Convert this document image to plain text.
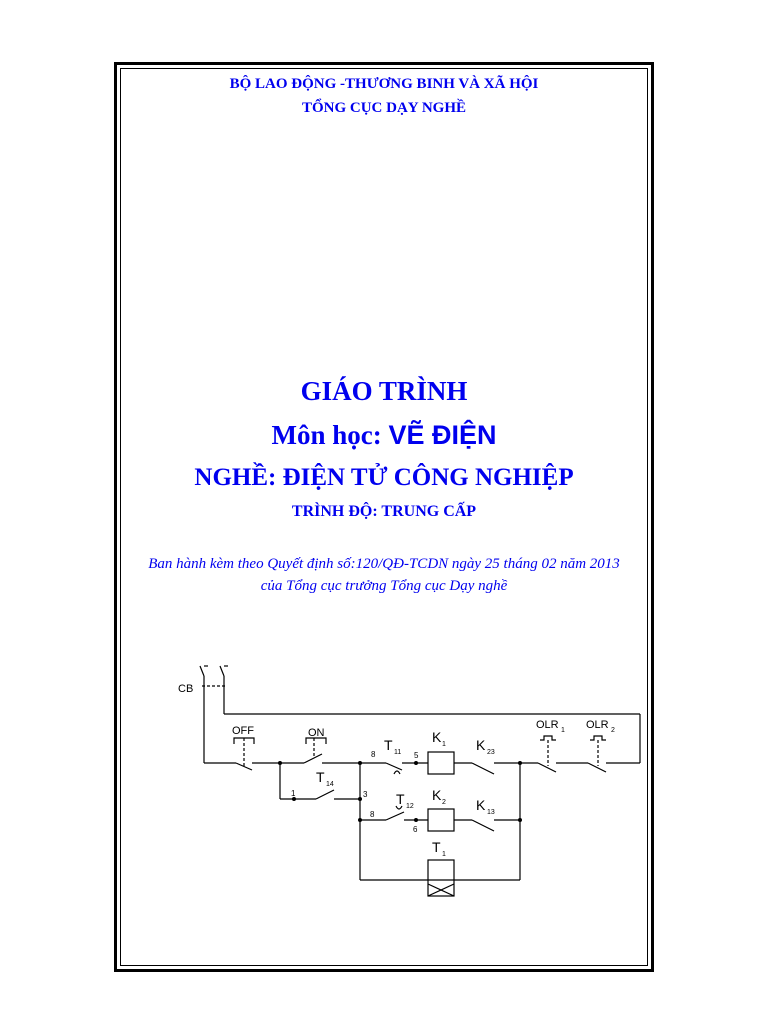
BỘ LAO ĐỘNG -THƯƠNG BINH VÀ XÃ HỘI
TỔNG CỤC DẠY NGHỀ
GIÁO TRÌNH
Môn học: VẼ ĐIỆN
NGHỀ: ĐIỆN TỬ CÔNG NGHIỆP
TRÌNH ĐỘ: TRUNG CẤP
Ban hành kèm theo Quyết định số:120/QĐ-TCDN ngày 25 tháng 02 năm 2013
của Tổng cục trưởng Tổng cục Dạy nghề
CB
OFF	ON
T 11
T 14
T 12
T 1
K 1
K 2
K 23
K 13
OLR 1 OLR 2
1	3
5
6
8
8
